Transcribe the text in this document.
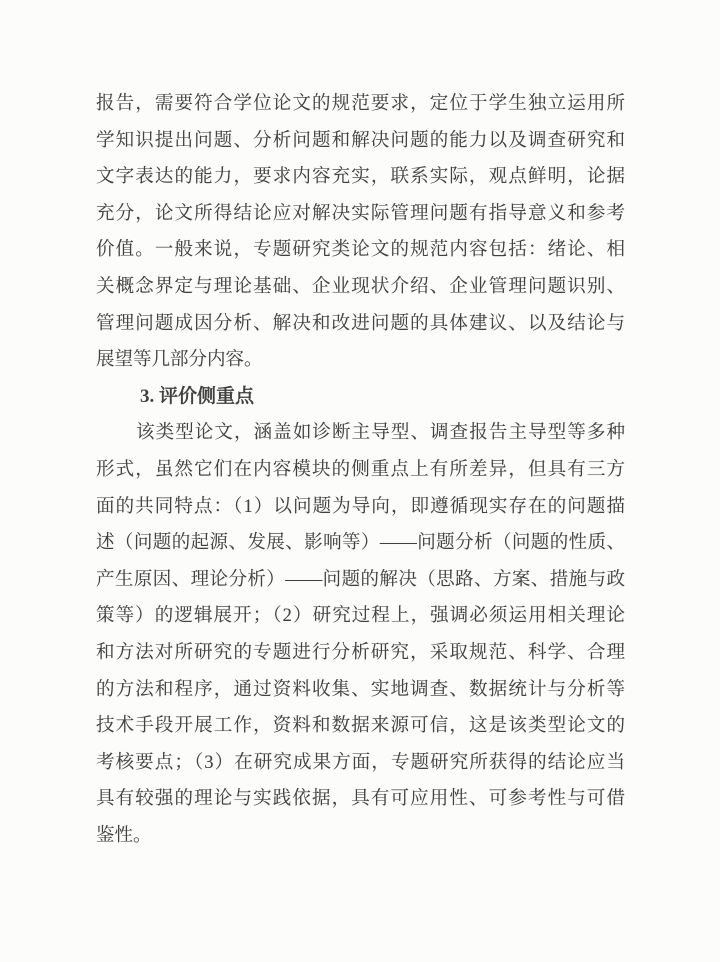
报告，需要符合学位论文的规范要求，定位于学生独立运用所
学知识提出问题、分析问题和解决问题的能力以及调查研究和
文字表达的能力，要求内容充实，联系实际，观点鲜明，论据
充分，论文所得结论应对解决实际管理问题有指导意义和参考
价值。一般来说，专题研究类论文的规范内容包括：绪论、相
关概念界定与理论基础、企业现状介绍、企业管理问题识别、
管理问题成因分析、解决和改进问题的具体建议、以及结论与
展望等几部分内容。
3. 评价侧重点
该类型论文，涵盖如诊断主导型、调查报告主导型等多种
形式，虽然它们在内容模块的侧重点上有所差异，但具有三方
面的共同特点：（1）以问题为导向，即遵循现实存在的问题描
述（问题的起源、发展、影响等）——问题分析（问题的性质、
产生原因、理论分析）——问题的解决（思路、方案、措施与政
策等）的逻辑展开；（2）研究过程上，强调必须运用相关理论
和方法对所研究的专题进行分析研究，采取规范、科学、合理
的方法和程序，通过资料收集、实地调查、数据统计与分析等
技术手段开展工作，资料和数据来源可信，这是该类型论文的
考核要点；（3）在研究成果方面，专题研究所获得的结论应当
具有较强的理论与实践依据，具有可应用性、可参考性与可借
鉴性。
